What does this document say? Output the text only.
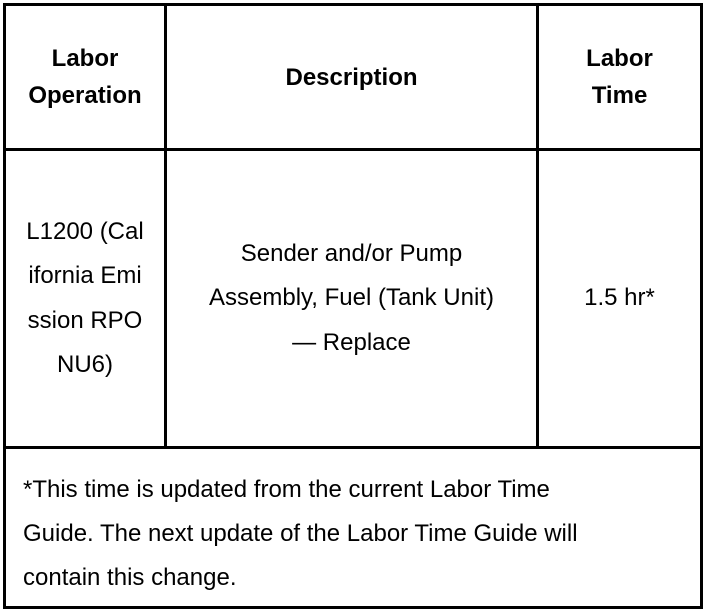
Labor Operation	Description	Labor Time

L1200 (California Emission RPO NU6)	Sender and/or Pump Assembly, Fuel (Tank Unit) — Replace	1.5 hr*

*This time is updated from the current Labor Time Guide. The next update of the Labor Time Guide will contain this change.		
